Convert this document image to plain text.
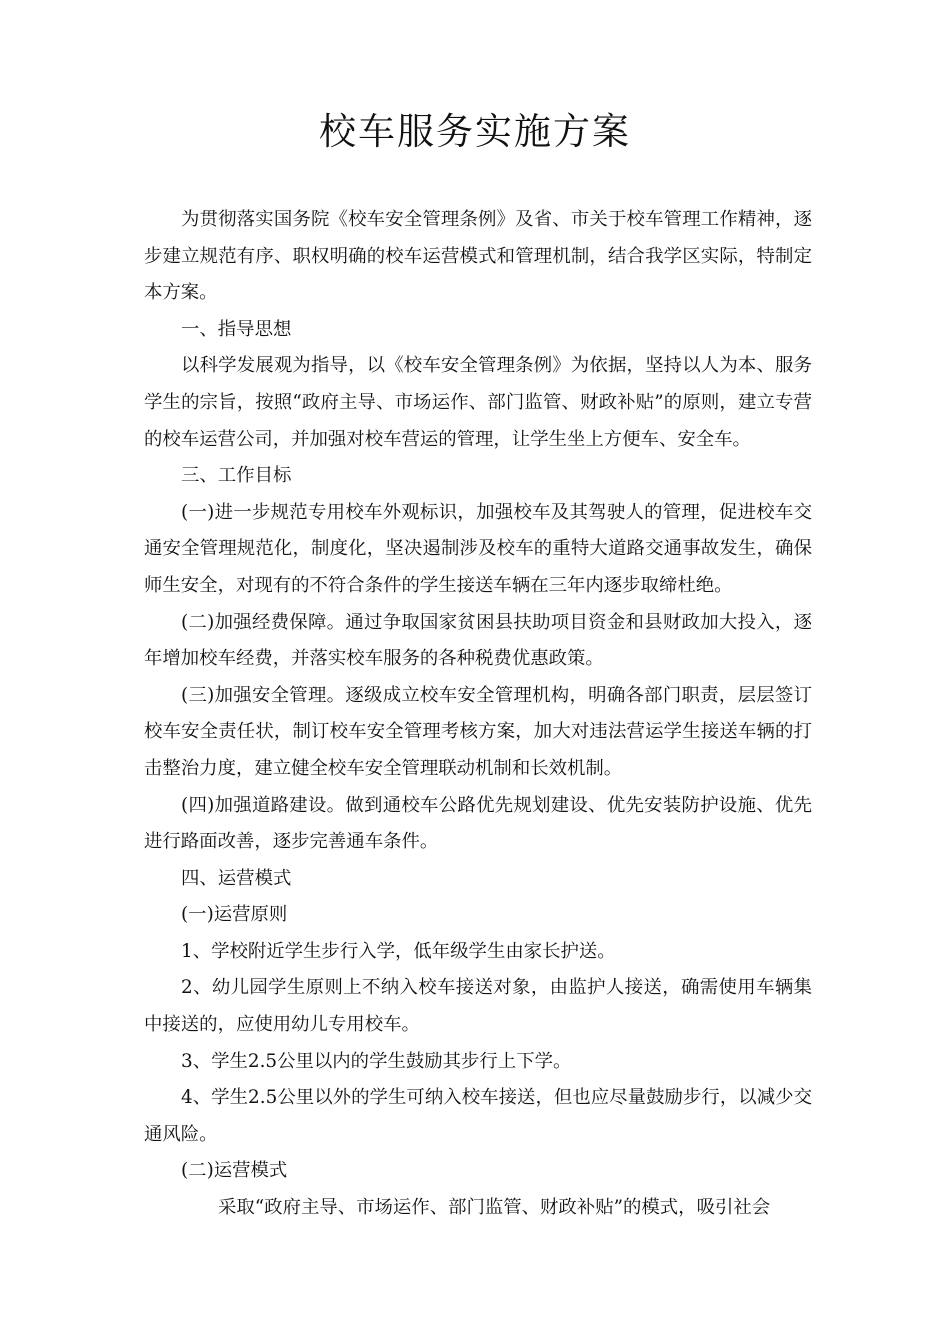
校车服务实施方案

为贯彻落实国务院《校车安全管理条例》及省、市关于校车管理工作精神，逐步建立规范有序、职权明确的校车运营模式和管理机制，结合我学区实际，特制定本方案。

一、指导思想

以科学发展观为指导，以《校车安全管理条例》为依据，坚持以人为本、服务学生的宗旨，按照“政府主导、市场运作、部门监管、财政补贴”的原则，建立专营的校车运营公司，并加强对校车营运的管理，让学生坐上方便车、安全车。

三、工作目标

(一)进一步规范专用校车外观标识，加强校车及其驾驶人的管理，促进校车交通安全管理规范化，制度化，坚决遏制涉及校车的重特大道路交通事故发生，确保师生安全，对现有的不符合条件的学生接送车辆在三年内逐步取缔杜绝。

(二)加强经费保障。通过争取国家贫困县扶助项目资金和县财政加大投入，逐年增加校车经费，并落实校车服务的各种税费优惠政策。

(三)加强安全管理。逐级成立校车安全管理机构，明确各部门职责，层层签订校车安全责任状，制订校车安全管理考核方案，加大对违法营运学生接送车辆的打击整治力度，建立健全校车安全管理联动机制和长效机制。

(四)加强道路建设。做到通校车公路优先规划建设、优先安装防护设施、优先进行路面改善，逐步完善通车条件。

四、运营模式

(一)运营原则

1、学校附近学生步行入学，低年级学生由家长护送。

2、幼儿园学生原则上不纳入校车接送对象，由监护人接送，确需使用车辆集中接送的，应使用幼儿专用校车。

3、学生2.5公里以内的学生鼓励其步行上下学。

4、学生2.5公里以外的学生可纳入校车接送，但也应尽量鼓励步行，以减少交通风险。

(二)运营模式

采取“政府主导、市场运作、部门监管、财政补贴”的模式，吸引社会
